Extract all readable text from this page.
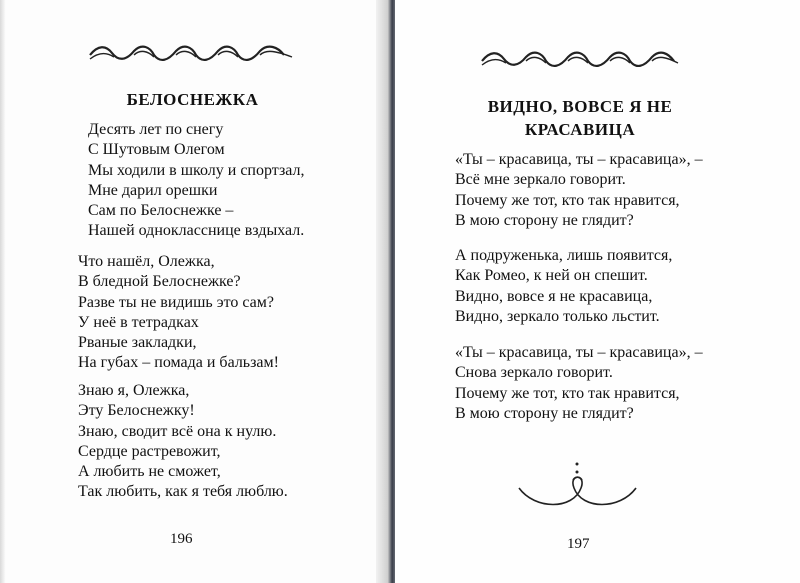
БЕЛОСНЕЖКА
Десять лет по снегу
С Шутовым Олегом
Мы ходили в школу и спортзал,
Мне дарил орешки
Сам по Белоснежке –
Нашей однокласснице вздыхал.
Что нашёл, Олежка,
В бледной Белоснежке?
Разве ты не видишь это сам?
У неё в тетрадках
Рваные закладки,
На губах – помада и бальзам!
Знаю я, Олежка,
Эту Белоснежку!
Знаю, сводит всё она к нулю.
Сердце растревожит,
А любить не сможет,
Так любить, как я тебя люблю.
196
ВИДНО, ВОВСЕ Я НЕ
КРАСАВИЦА
«Ты – красавица, ты – красавица», –
Всё мне зеркало говорит.
Почему же тот, кто так нравится,
В мою сторону не глядит?
А подруженька, лишь появится,
Как Ромео, к ней он спешит.
Видно, вовсе я не красавица,
Видно, зеркало только льстит.
«Ты – красавица, ты – красавица», –
Снова зеркало говорит.
Почему же тот, кто так нравится,
В мою сторону не глядит?
197
